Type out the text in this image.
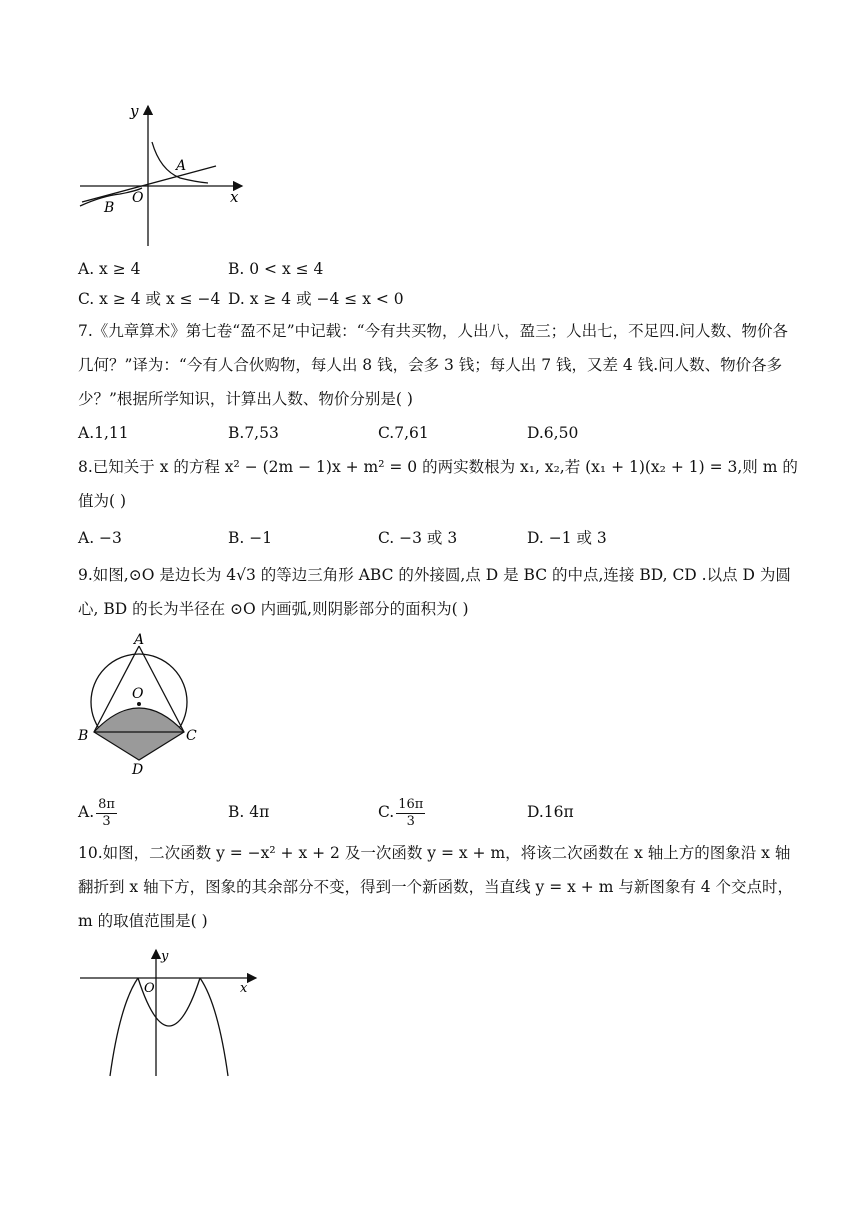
y
x
A
B
O
A. x ≥ 4	B. 0 < x ≤ 4
C. x ≥ 4 或 x ≤ −4 D. x ≥ 4 或 −4 ≤ x < 0

7.《九章算术》第七卷“盈不足”中记载：“今有共买物，人出八，盈三；人出七，不足四.问人数、物价各几何？”译为：“今有人合伙购物，每人出 8 钱，会多 3 钱；每人出 7 钱，又差 4 钱.问人数、物价各多少？”根据所学知识，计算出人数、物价分别是( )

A.1,11	B.7,53	C.7,61	D.6,50

8.已知关于 x 的方程 x² − (2m − 1)x + m² = 0 的两实数根为 x₁, x₂,若 (x₁ + 1)(x₂ + 1) = 3,则 m 的值为( )

A. −3	B. −1	C. −3 或 3	D. −1 或 3

9.如图,⊙O 是边长为 4√3 的等边三角形 ABC 的外接圆,点 D 是 BC 的中点,连接 BD, CD .以点 D 为圆心, BD 的长为半径在 ⊙O 内画弧,则阴影部分的面积为( )

A
O
B	C
D
A. $\frac{8\pi}{3}$	B. 4π	C. $\frac{16\pi}{3}$	D.16π

10.如图，二次函数 y = −x² + x + 2 及一次函数 y = x + m，将该二次函数在 x 轴上方的图象沿 x 轴翻折到 x 轴下方，图象的其余部分不变，得到一个新函数，当直线 y = x + m 与新图象有 4 个交点时，m 的取值范围是( )

y
x
O
